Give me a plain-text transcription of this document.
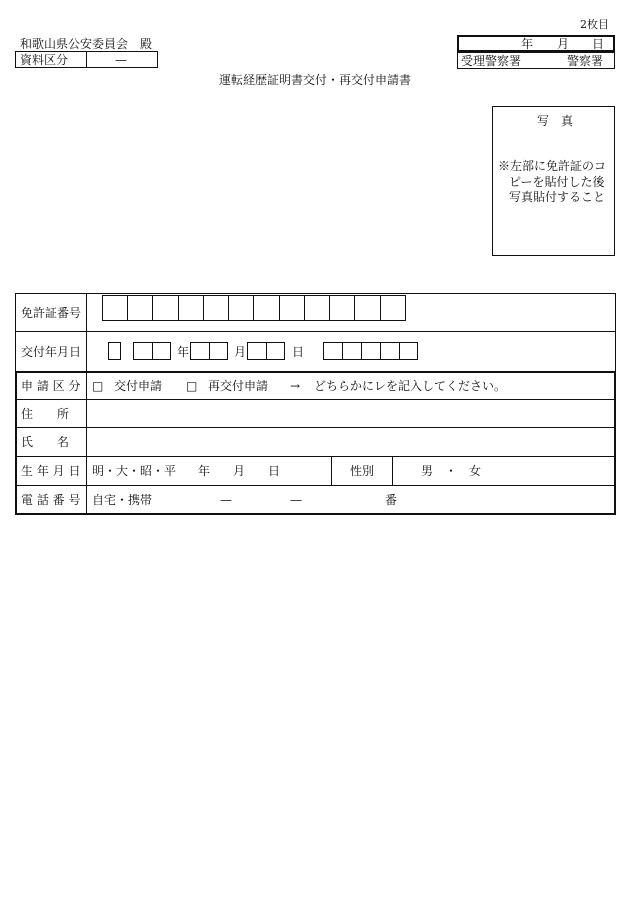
2枚目
和歌山県公安委員会　殿
資料区分	—
年 月 日
受理警察署	警察署
運転経歴証明書交付・再交付申請書
写　真
※左部に免許証のコ
ピーを貼付した後
写真貼付すること
免許証番号
交付年月日	年	月	日
申 請 区 分 □ 交付申請 □ 再交付申請 → どちらかにレを記入してください。
住　　所
氏　　名
生 年 月 日 明・大・昭・平 年 月 日	性別	男　・　女
電 話 番 号 自宅・携帯	—	—	番
